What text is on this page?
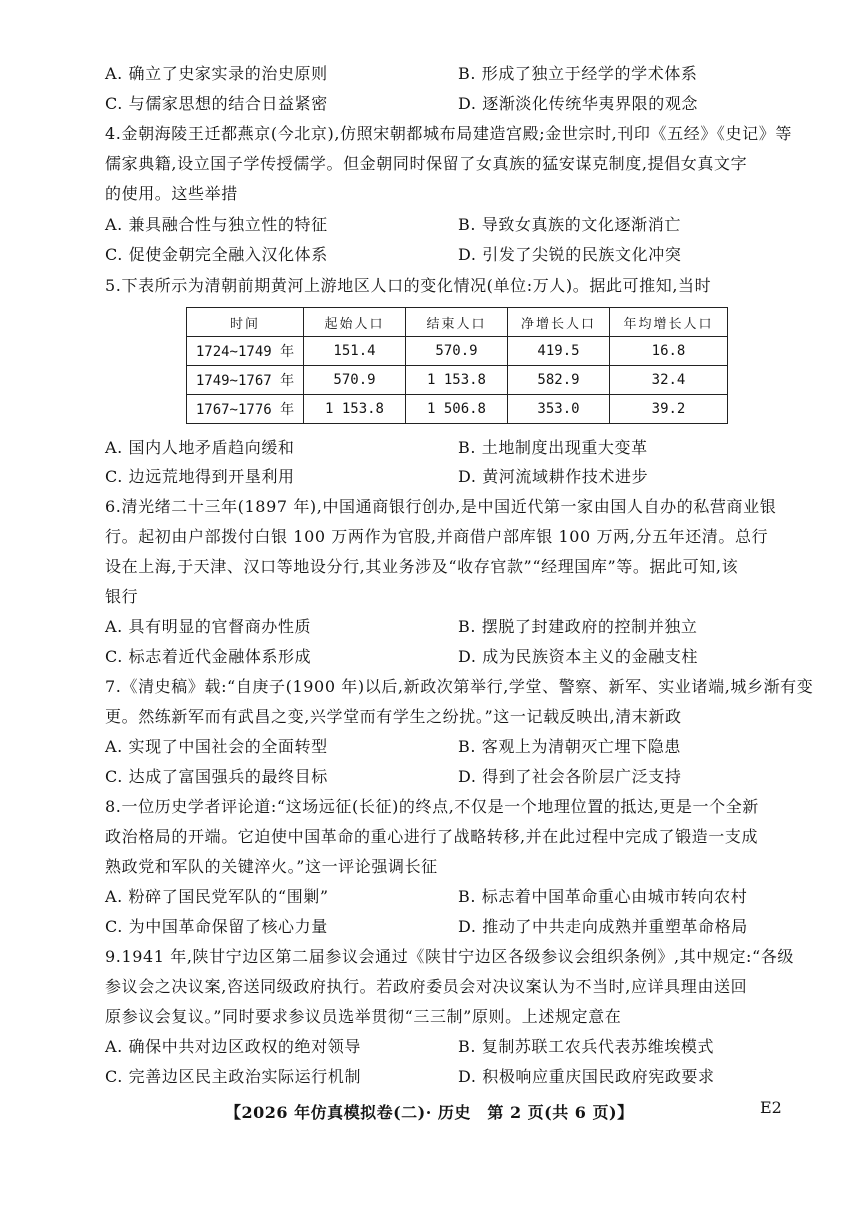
A. 确立了史家实录的治史原则	B. 形成了独立于经学的学术体系
C. 与儒家思想的结合日益紧密	D. 逐渐淡化传统华夷界限的观念
4.金朝海陵王迁都燕京(今北京),仿照宋朝都城布局建造宫殿;金世宗时,刊印《五经》《史记》等
儒家典籍,设立国子学传授儒学。但金朝同时保留了女真族的猛安谋克制度,提倡女真文字
的使用。这些举措
A. 兼具融合性与独立性的特征	B. 导致女真族的文化逐渐消亡
C. 促使金朝完全融入汉化体系	D. 引发了尖锐的民族文化冲突
5.下表所示为清朝前期黄河上游地区人口的变化情况(单位:万人)。据此可推知,当时
时间	起始人口	结束人口	净增长人口	年均增长人口
1724~1749 年	151.4	570.9	419.5	16.8
1749~1767 年	570.9	1 153.8	582.9	32.4
1767~1776 年	1 153.8	1 506.8	353.0	39.2
A. 国内人地矛盾趋向缓和	B. 土地制度出现重大变革
C. 边远荒地得到开垦利用	D. 黄河流域耕作技术进步
6.清光绪二十三年(1897 年),中国通商银行创办,是中国近代第一家由国人自办的私营商业银
行。起初由户部拨付白银 100 万两作为官股,并商借户部库银 100 万两,分五年还清。总行
设在上海,于天津、汉口等地设分行,其业务涉及“收存官款”“经理国库”等。据此可知,该
银行
A. 具有明显的官督商办性质	B. 摆脱了封建政府的控制并独立
C. 标志着近代金融体系形成	D. 成为民族资本主义的金融支柱
7.《清史稿》载:“自庚子(1900 年)以后,新政次第举行,学堂、警察、新军、实业诸端,城乡渐有变
更。然练新军而有武昌之变,兴学堂而有学生之纷扰。”这一记载反映出,清末新政
A. 实现了中国社会的全面转型	B. 客观上为清朝灭亡埋下隐患
C. 达成了富国强兵的最终目标	D. 得到了社会各阶层广泛支持
8.一位历史学者评论道:“这场远征(长征)的终点,不仅是一个地理位置的抵达,更是一个全新
政治格局的开端。它迫使中国革命的重心进行了战略转移,并在此过程中完成了锻造一支成
熟政党和军队的关键淬火。”这一评论强调长征
A. 粉碎了国民党军队的“围剿”	B. 标志着中国革命重心由城市转向农村
C. 为中国革命保留了核心力量	D. 推动了中共走向成熟并重塑革命格局
9.1941 年,陕甘宁边区第二届参议会通过《陕甘宁边区各级参议会组织条例》,其中规定:“各级
参议会之决议案,咨送同级政府执行。若政府委员会对决议案认为不当时,应详具理由送回
原参议会复议。”同时要求参议员选举贯彻“三三制”原则。上述规定意在
A. 确保中共对边区政权的绝对领导	B. 复制苏联工农兵代表苏维埃模式
C. 完善边区民主政治实际运行机制	D. 积极响应重庆国民政府宪政要求
【2026 年仿真模拟卷(二)· 历史　第 2 页(共 6 页)】	E2
